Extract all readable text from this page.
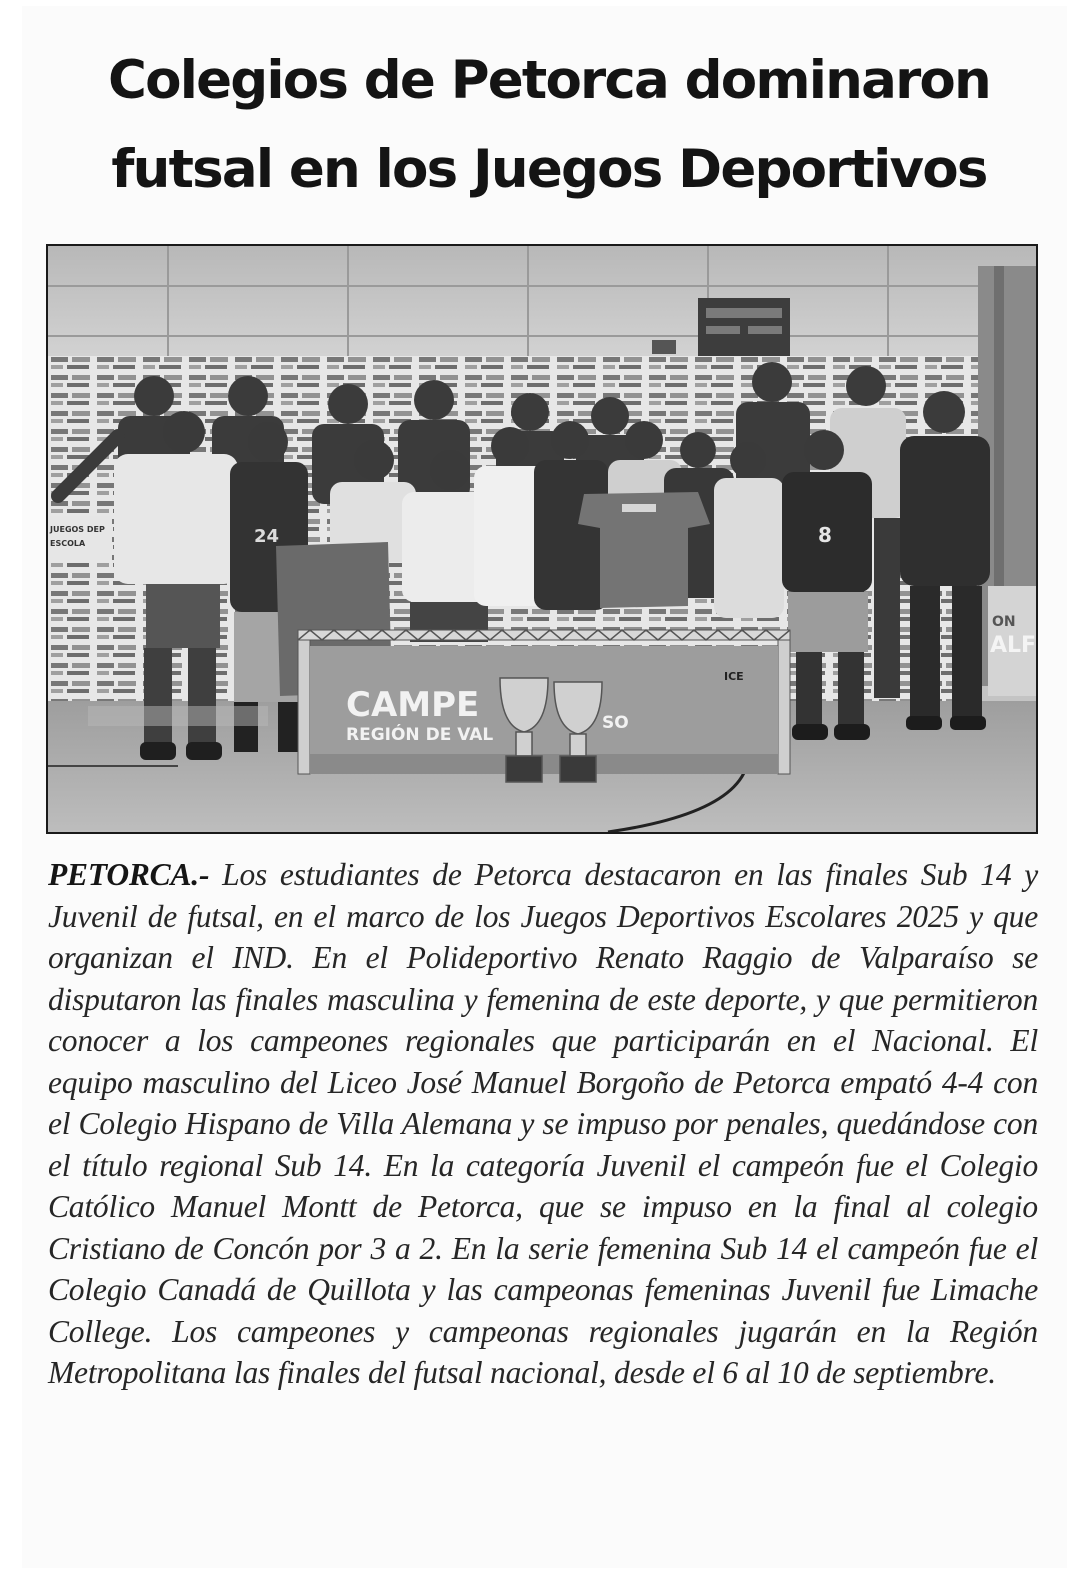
Colegios de Petorca dominaron futsal en los Juegos Deportivos
CAMPE
REGIÓN DE VAL
SO
ICE
ON
ALF
JUEGOS DEP
ESCOLA	24	8

PETORCA.- Los estudiantes de Petorca destacaron en las finales Sub 14 y Juvenil de futsal, en el marco de los Juegos Deportivos Escolares 2025 y que organizan el IND. En el Polideportivo Renato Raggio de Valparaíso se disputaron las finales masculina y femenina de este deporte, y que permitieron conocer a los campeones regionales que participarán en el Nacional. El equipo masculino del Liceo José Manuel Borgoño de Petorca empató 4-4 con el Colegio Hispano de Villa Alemana y se impuso por penales, quedándose con el título regional Sub 14. En la categoría Juvenil el campeón fue el Colegio Católico Manuel Montt de Petorca, que se impuso en la final al colegio Cristiano de Concón por 3 a 2. En la serie femenina Sub 14 el campeón fue el Colegio Canadá de Quillota y las campeonas femeninas Juvenil fue Limache College. Los campeones y campeonas regionales jugarán en la Región Metropolitana las finales del futsal nacional, desde el 6 al 10 de septiembre.
